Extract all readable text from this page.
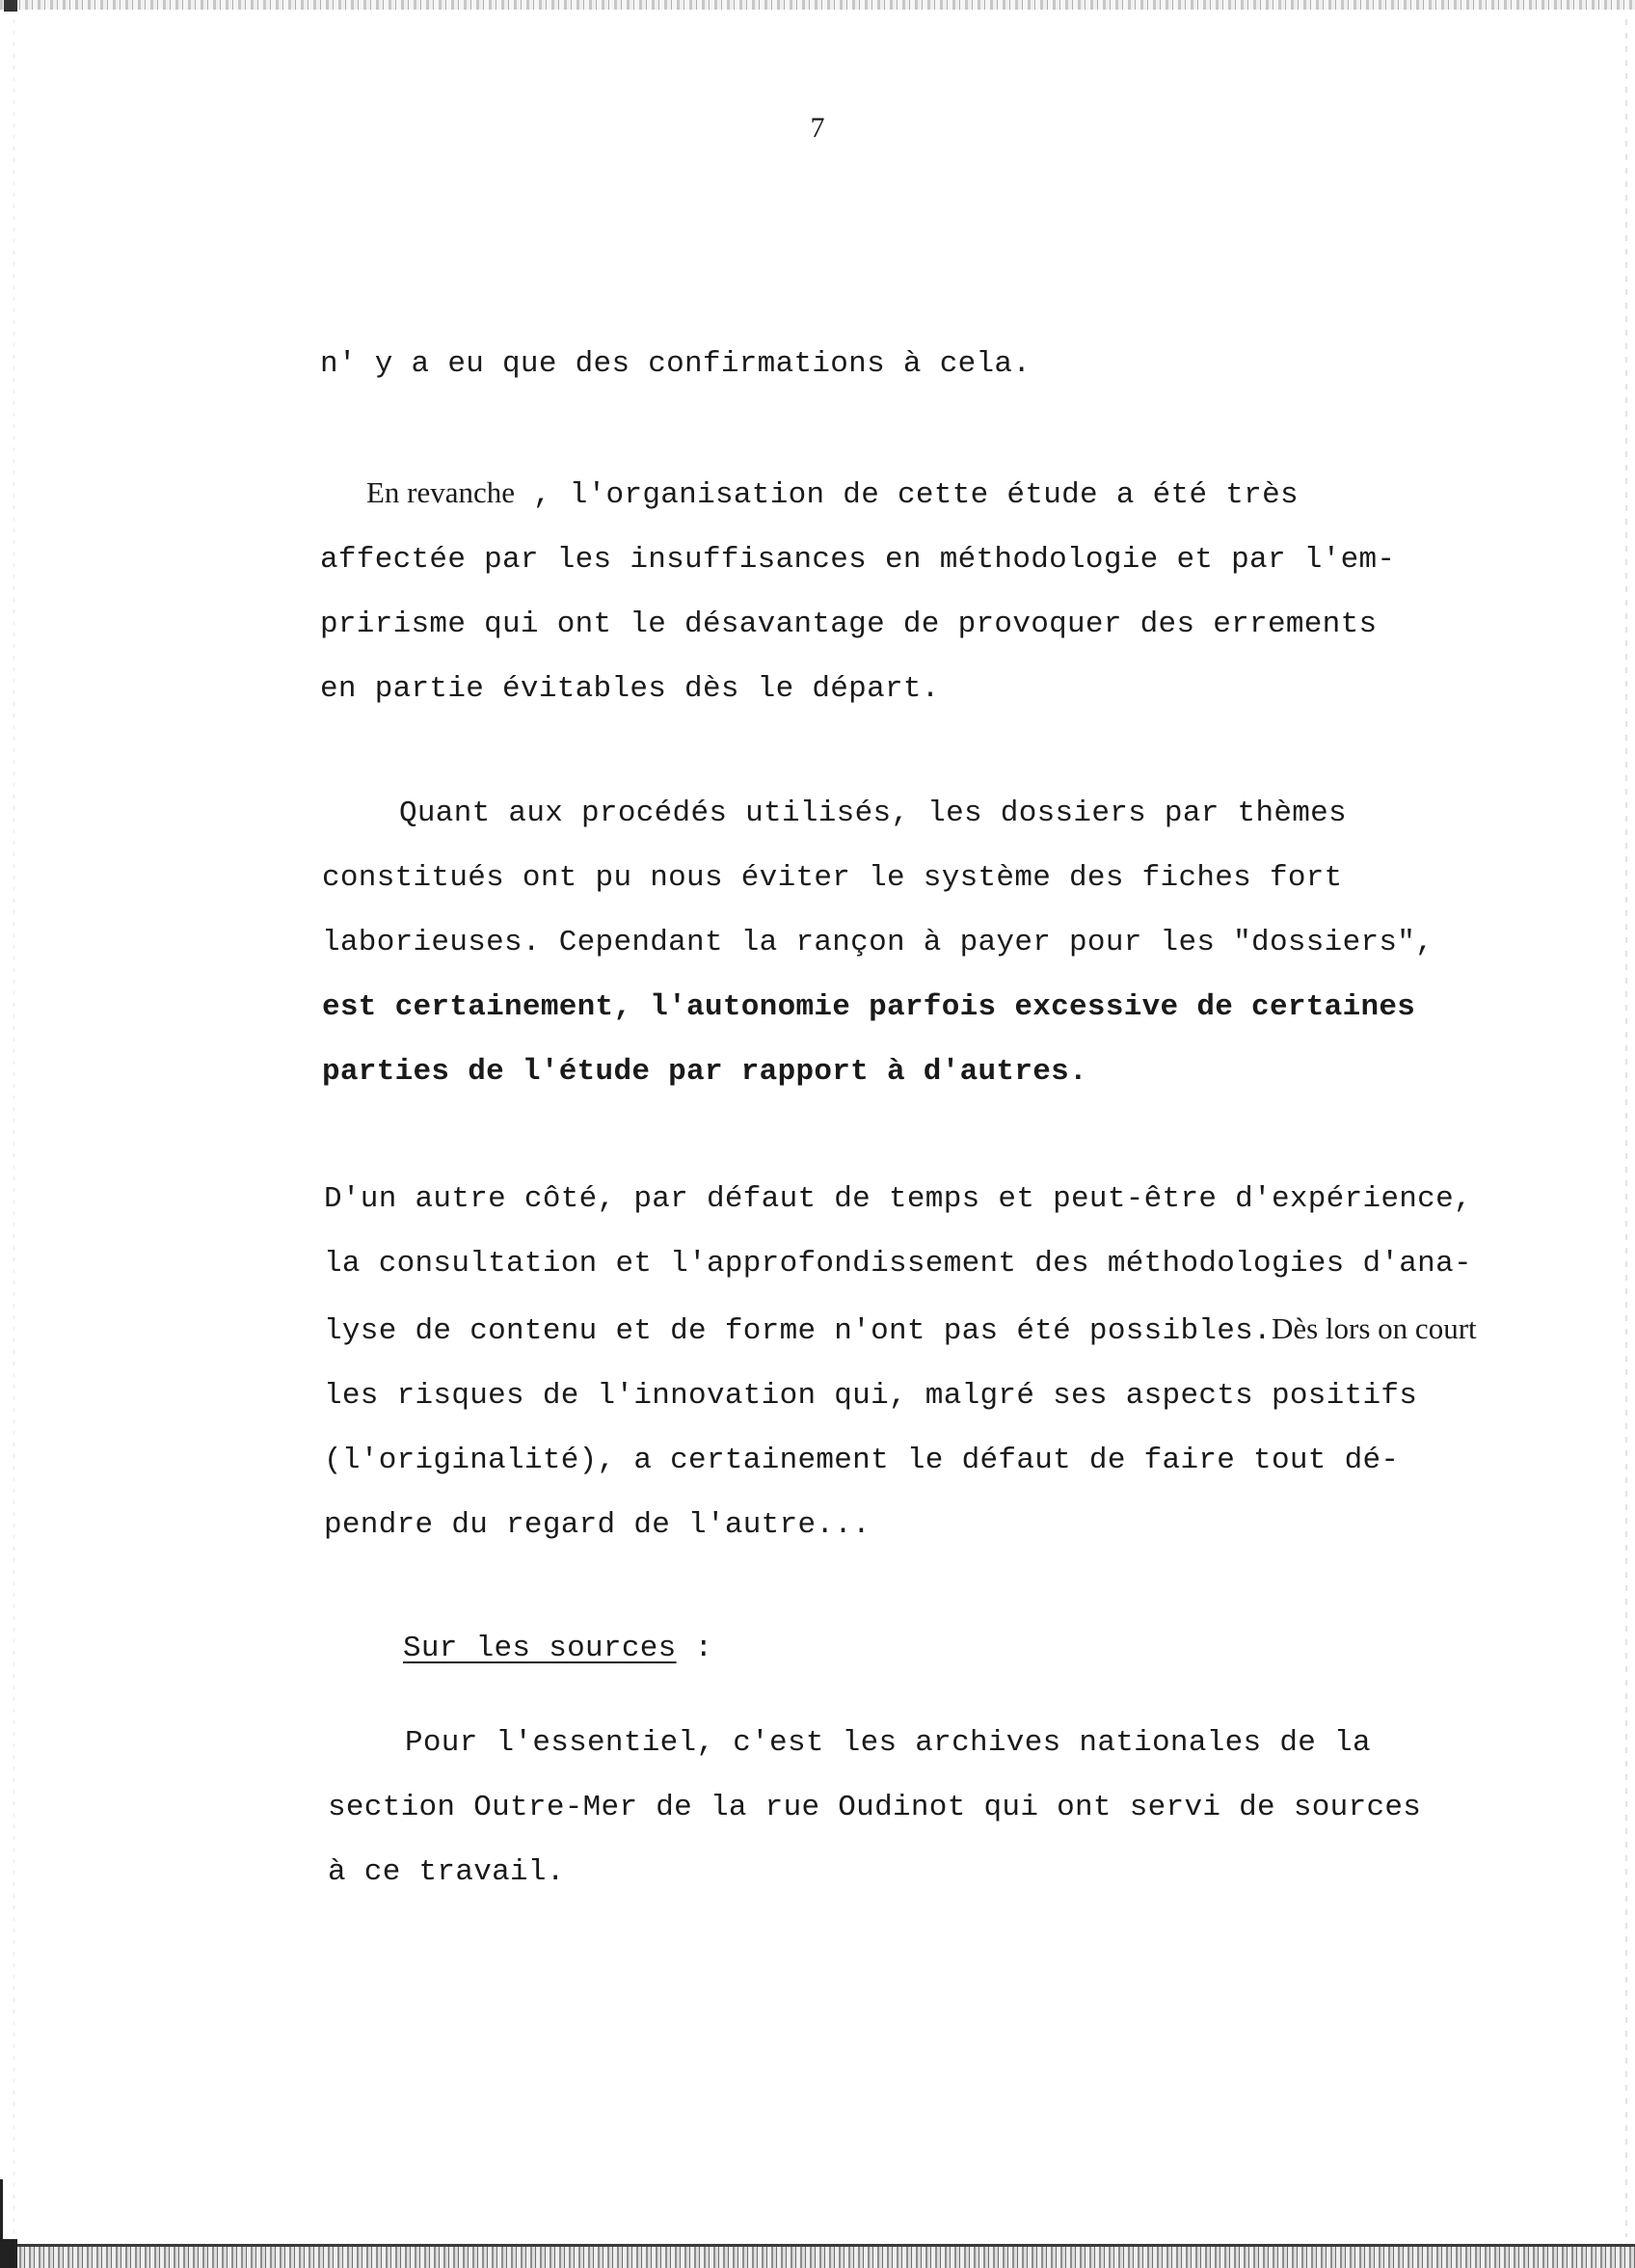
7

n' y a eu que des confirmations à cela.

En revanche , l'organisation de cette étude a été très
affectée par les insuffisances en méthodologie et par l'em-
pririsme qui ont le désavantage de provoquer des errements
en partie évitables dès le départ.

Quant aux procédés utilisés, les dossiers par thèmes
constitués ont pu nous éviter le système des fiches fort
laborieuses. Cependant la rançon à payer pour les "dossiers",
est certainement, l'autonomie parfois excessive de certaines
parties de l'étude par rapport à d'autres.

D'un autre côté, par défaut de temps et peut-être d'expérience,
la consultation et l'approfondissement des méthodologies d'ana-
lyse de contenu et de forme n'ont pas été possibles.Dès lors on court
les risques de l'innovation qui, malgré ses aspects positifs
(l'originalité), a certainement le défaut de faire tout dé-
pendre du regard de l'autre...

Sur les sources :

Pour l'essentiel, c'est les archives nationales de la
section Outre-Mer de la rue Oudinot qui ont servi de sources
à ce travail.
